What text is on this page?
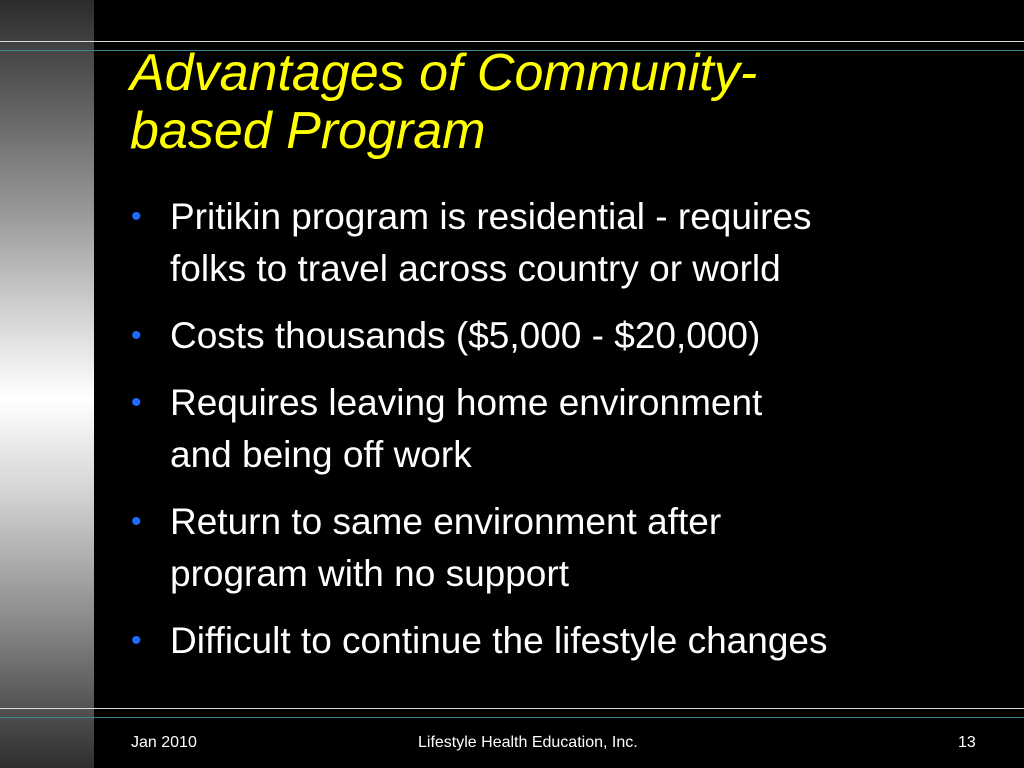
Advantages of Community-
based Program
• Pritikin program is residential - requires
folks to travel across country or world
• Costs thousands ($5,000 - $20,000)
• Requires leaving home environment
and being off work
• Return to same environment after
program with no support
• Difficult to continue the lifestyle changes
Jan 2010	Lifestyle Health Education, Inc.	13
